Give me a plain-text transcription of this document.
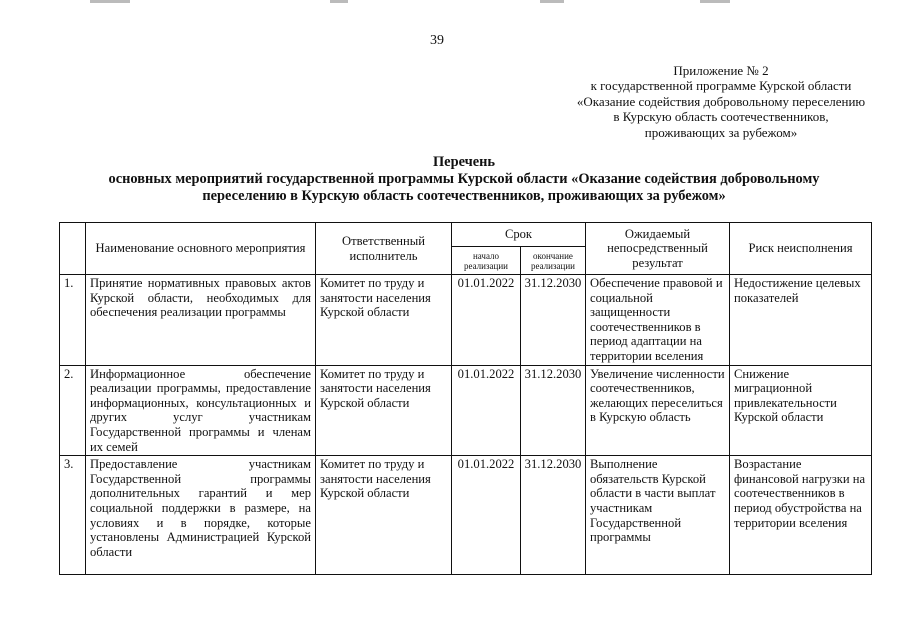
39
Приложение № 2
к государственной программе Курской области
«Оказание содействия добровольному переселению
в Курскую область соотечественников,
проживающих за рубежом»
Перечень
основных мероприятий государственной программы Курской области «Оказание содействия добровольному
переселению в Курскую область соотечественников, проживающих за рубежом»
	Наименование основного мероприятия	Ответственный исполнитель	Срок		Ожидаемый непосредственный результат	Риск неисполнения
			начало реализации	окончание реализации		
1.	Принятие нормативных правовых актов Курской области, необходимых для обеспечения реализации программы	Комитет по труду и занятости населения Курской области	01.01.2022	31.12.2030	Обеспечение правовой и социальной защищенности соотечественников в период адаптации на территории вселения	Недостижение целевых показателей
2.	Информационное обеспечение реализации программы, предоставление информационных, консультационных и других услуг участникам Государственной программы и членам их семей	Комитет по труду и занятости населения Курской области	01.01.2022	31.12.2030	Увеличение численности соотечественников, желающих переселиться в Курскую область	Снижение миграционной привлекательности Курской области
3.	Предоставление участникам Государственной программы дополнительных гарантий и мер социальной поддержки в размере, на условиях и в порядке, которые установлены Администрацией Курской области	Комитет по труду и занятости населения Курской области	01.01.2022	31.12.2030	Выполнение обязательств Курской области в части выплат участникам Государственной программы	Возрастание финансовой нагрузки на соотечественников в период обустройства на территории вселения
